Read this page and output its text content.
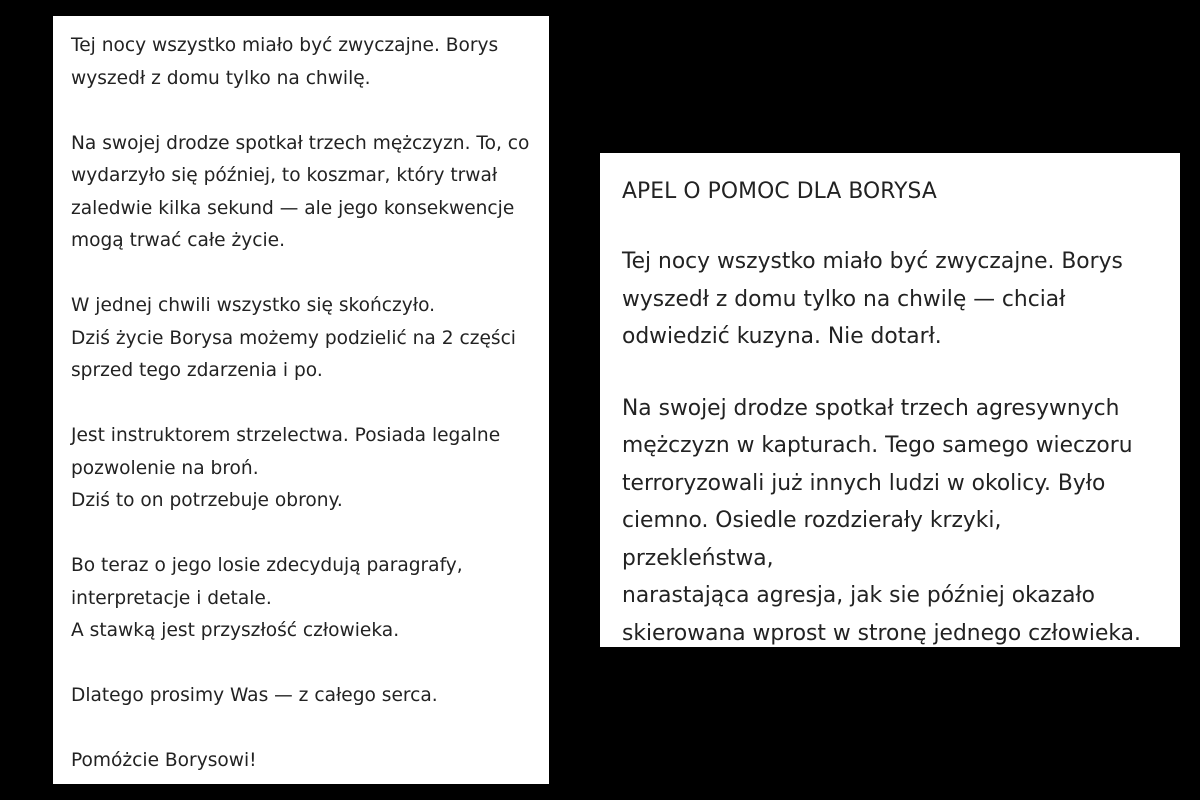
Tej nocy wszystko miało być zwyczajne. Borys
wyszedł z domu tylko na chwilę.

Na swojej drodze spotkał trzech mężczyzn. To, co
wydarzyło się później, to koszmar, który trwał
zaledwie kilka sekund — ale jego konsekwencje
mogą trwać całe życie.

W jednej chwili wszystko się skończyło.
Dziś życie Borysa możemy podzielić na 2 części
sprzed tego zdarzenia i po.

Jest instruktorem strzelectwa. Posiada legalne
pozwolenie na broń.
Dziś to on potrzebuje obrony.

Bo teraz o jego losie zdecydują paragrafy,
interpretacje i detale.
A stawką jest przyszłość człowieka.

Dlatego prosimy Was — z całego serca.

Pomóżcie Borysowi!

APEL O POMOC DLA BORYSA

Tej nocy wszystko miało być zwyczajne. Borys
wyszedł z domu tylko na chwilę — chciał
odwiedzić kuzyna. Nie dotarł.

Na swojej drodze spotkał trzech agresywnych
mężczyzn w kapturach. Tego samego wieczoru
terroryzowali już innych ludzi w okolicy. Było
ciemno. Osiedle rozdzierały krzyki, przekleństwa,
narastająca agresja, jak sie później okazało
skierowana wprost w stronę jednego człowieka.
